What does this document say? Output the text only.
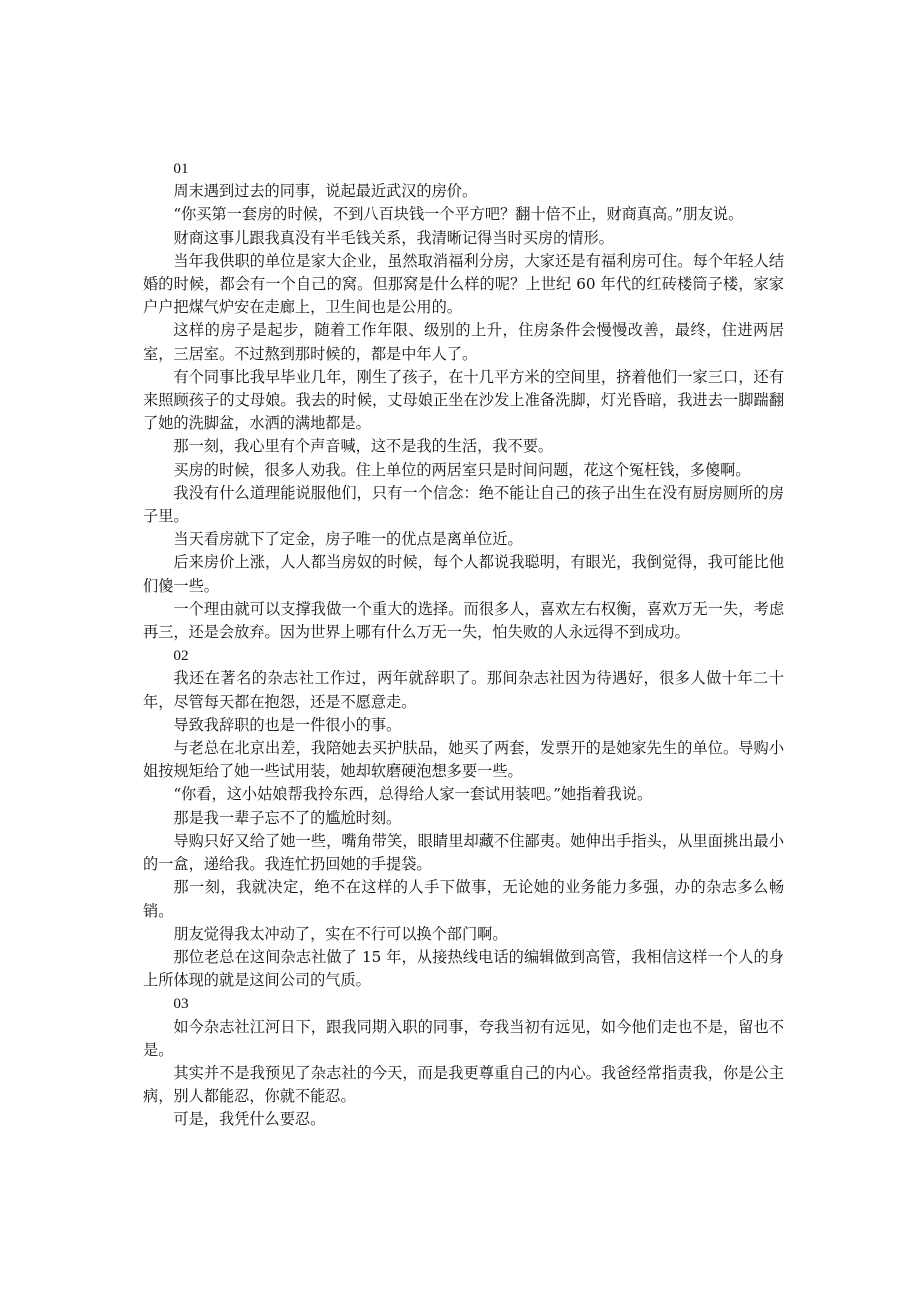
01

周末遇到过去的同事，说起最近武汉的房价。

“你买第一套房的时候，不到八百块钱一个平方吧？翻十倍不止，财商真高。”朋友说。

财商这事儿跟我真没有半毛钱关系，我清晰记得当时买房的情形。

当年我供职的单位是家大企业，虽然取消福利分房，大家还是有福利房可住。每个年轻人结婚的时候，都会有一个自己的窝。但那窝是什么样的呢？上世纪 60 年代的红砖楼筒子楼，家家户户把煤气炉安在走廊上，卫生间也是公用的。

这样的房子是起步，随着工作年限、级别的上升，住房条件会慢慢改善，最终，住进两居室，三居室。不过熬到那时候的，都是中年人了。

有个同事比我早毕业几年，刚生了孩子，在十几平方米的空间里，挤着他们一家三口，还有来照顾孩子的丈母娘。我去的时候，丈母娘正坐在沙发上准备洗脚，灯光昏暗，我进去一脚踹翻了她的洗脚盆，水洒的满地都是。

那一刻，我心里有个声音喊，这不是我的生活，我不要。

买房的时候，很多人劝我。住上单位的两居室只是时间问题，花这个冤枉钱，多傻啊。

我没有什么道理能说服他们，只有一个信念：绝不能让自己的孩子出生在没有厨房厕所的房子里。

当天看房就下了定金，房子唯一的优点是离单位近。

后来房价上涨，人人都当房奴的时候，每个人都说我聪明，有眼光，我倒觉得，我可能比他们傻一些。

一个理由就可以支撑我做一个重大的选择。而很多人，喜欢左右权衡，喜欢万无一失，考虑再三，还是会放弃。因为世界上哪有什么万无一失，怕失败的人永远得不到成功。

02

我还在著名的杂志社工作过，两年就辞职了。那间杂志社因为待遇好，很多人做十年二十年，尽管每天都在抱怨，还是不愿意走。

导致我辞职的也是一件很小的事。

与老总在北京出差，我陪她去买护肤品，她买了两套，发票开的是她家先生的单位。导购小姐按规矩给了她一些试用装，她却软磨硬泡想多要一些。

“你看，这小姑娘帮我拎东西，总得给人家一套试用装吧。”她指着我说。

那是我一辈子忘不了的尴尬时刻。

导购只好又给了她一些，嘴角带笑，眼睛里却藏不住鄙夷。她伸出手指头，从里面挑出最小的一盒，递给我。我连忙扔回她的手提袋。

那一刻，我就决定，绝不在这样的人手下做事，无论她的业务能力多强，办的杂志多么畅销。

朋友觉得我太冲动了，实在不行可以换个部门啊。

那位老总在这间杂志社做了 15 年，从接热线电话的编辑做到高管，我相信这样一个人的身上所体现的就是这间公司的气质。

03

如今杂志社江河日下，跟我同期入职的同事，夸我当初有远见，如今他们走也不是，留也不是。

其实并不是我预见了杂志社的今天，而是我更尊重自己的内心。我爸经常指责我，你是公主病，别人都能忍，你就不能忍。

可是，我凭什么要忍。
